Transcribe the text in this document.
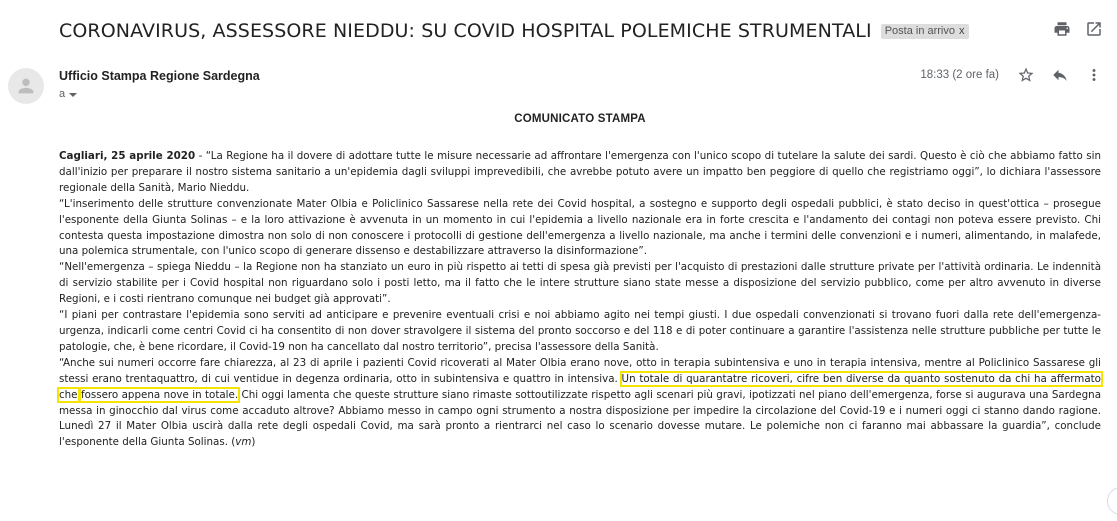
CORONAVIRUS, ASSESSORE NIEDDU: SU COVID HOSPITAL POLEMICHE STRUMENTALI Posta in arrivo x
Ufficio Stampa Regione Sardegna
a
18:33 (2 ore fa)
COMUNICATO STAMPA

Cagliari, 25 aprile 2020 - “La Regione ha il dovere di adottare tutte le misure necessarie ad affrontare l'emergenza con l'unico scopo di tutelare la salute dei sardi. Questo è ciò che abbiamo fatto sin dall'inizio per preparare il nostro sistema sanitario a un'epidemia dagli sviluppi imprevedibili, che avrebbe potuto avere un impatto ben peggiore di quello che registriamo oggi”, lo dichiara l'assessore regionale della Sanità, Mario Nieddu.

“L'inserimento delle strutture convenzionate Mater Olbia e Policlinico Sassarese nella rete dei Covid hospital, a sostegno e supporto degli ospedali pubblici, è stato deciso in quest'ottica – prosegue l'esponente della Giunta Solinas – e la loro attivazione è avvenuta in un momento in cui l'epidemia a livello nazionale era in forte crescita e l'andamento dei contagi non poteva essere previsto. Chi contesta questa impostazione dimostra non solo di non conoscere i protocolli di gestione dell'emergenza a livello nazionale, ma anche i termini delle convenzioni e i numeri, alimentando, in malafede, una polemica strumentale, con l'unico scopo di generare dissenso e destabilizzare attraverso la disinformazione”.

“Nell'emergenza – spiega Nieddu – la Regione non ha stanziato un euro in più rispetto ai tetti di spesa già previsti per l'acquisto di prestazioni dalle strutture private per l'attività ordinaria. Le indennità di servizio stabilite per i Covid hospital non riguardano solo i posti letto, ma il fatto che le intere strutture siano state messe a disposizione del servizio pubblico, come per altro avvenuto in diverse Regioni, e i costi rientrano comunque nei budget già approvati”.

“I piani per contrastare l'epidemia sono serviti ad anticipare e prevenire eventuali crisi e noi abbiamo agito nei tempi giusti. I due ospedali convenzionati si trovano fuori dalla rete dell'emergenza-urgenza, indicarli come centri Covid ci ha consentito di non dover stravolgere il sistema del pronto soccorso e del 118 e di poter continuare a garantire l'assistenza nelle strutture pubbliche per tutte le patologie, che, è bene ricordare, il Covid-19 non ha cancellato dal nostro territorio”, precisa l'assessore della Sanità.

“Anche sui numeri occorre fare chiarezza, al 23 di aprile i pazienti Covid ricoverati al Mater Olbia erano nove, otto in terapia subintensiva e uno in terapia intensiva, mentre al Policlinico Sassarese gli stessi erano trentaquattro, di cui ventidue in degenza ordinaria, otto in subintensiva e quattro in intensiva. Un totale di quarantatre ricoveri, cifre ben diverse da quanto sostenuto da chi ha affermato che fossero appena nove in totale. Chi oggi lamenta che queste strutture siano rimaste sottoutilizzate rispetto agli scenari più gravi, ipotizzati nel piano dell'emergenza, forse si augurava una Sardegna messa in ginocchio dal virus come accaduto altrove? Abbiamo messo in campo ogni strumento a nostra disposizione per impedire la circolazione del Covid-19 e i numeri oggi ci stanno dando ragione. Lunedì 27 il Mater Olbia uscirà dalla rete degli ospedali Covid, ma sarà pronto a rientrarci nel caso lo scenario dovesse mutare. Le polemiche non ci faranno mai abbassare la guardia”, conclude l'esponente della Giunta Solinas. (vm)
